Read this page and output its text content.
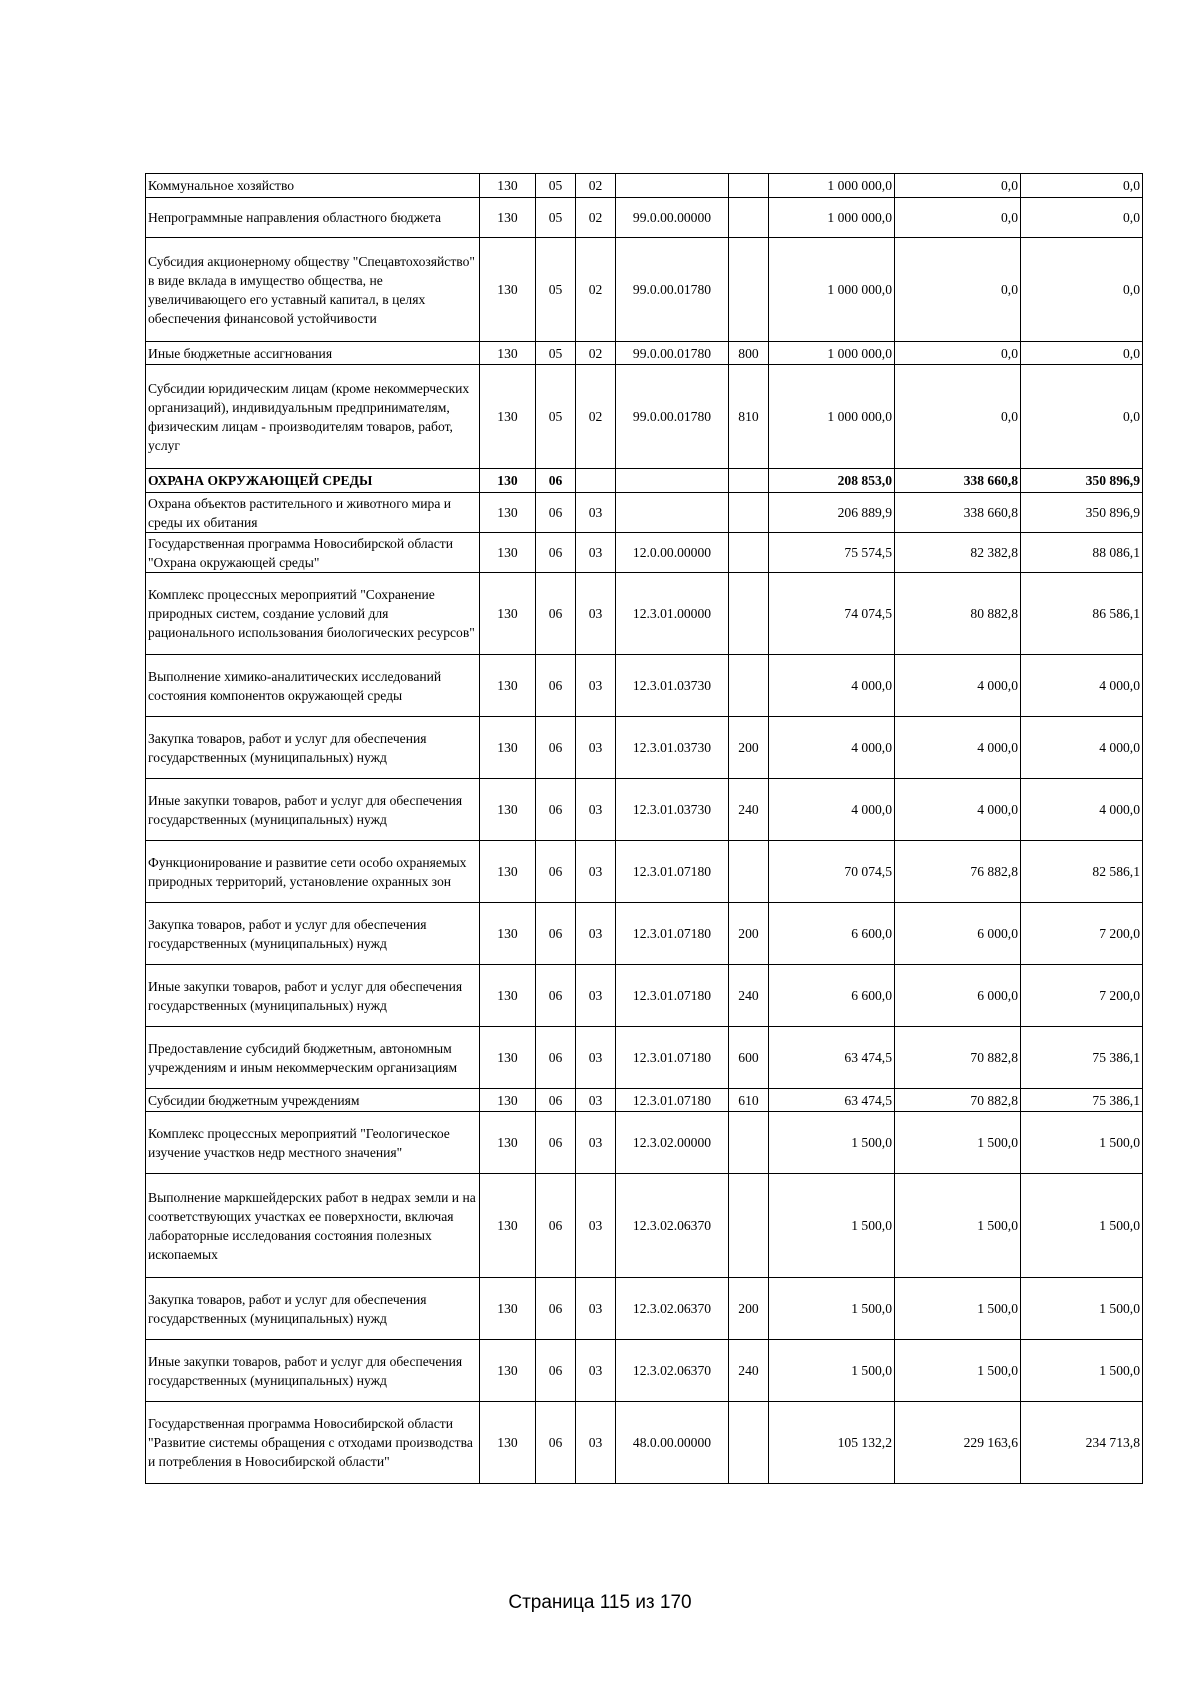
Коммунальное хозяйство	130	05	02			1 000 000,0	0,0	0,0
Непрограммные направления областного бюджета	130	05	02	99.0.00.00000		1 000 000,0	0,0	0,0
Субсидия акционерному обществу "Спецавтохозяйство" в виде вклада в имущество общества, не увеличивающего его уставный капитал, в целях обеспечения финансовой устойчивости	130	05	02	99.0.00.01780		1 000 000,0	0,0	0,0
Иные бюджетные ассигнования	130	05	02	99.0.00.01780	800	1 000 000,0	0,0	0,0
Субсидии юридическим лицам (кроме некоммерческих организаций), индивидуальным предпринимателям, физическим лицам - производителям товаров, работ, услуг	130	05	02	99.0.00.01780	810	1 000 000,0	0,0	0,0
ОХРАНА ОКРУЖАЮЩЕЙ СРЕДЫ	130	06				208 853,0	338 660,8	350 896,9
Охрана объектов растительного и животного мира и среды их обитания	130	06	03			206 889,9	338 660,8	350 896,9
Государственная программа Новосибирской области "Охрана окружающей среды"	130	06	03	12.0.00.00000		75 574,5	82 382,8	88 086,1
Комплекс процессных мероприятий "Сохранение природных систем, создание условий для рационального использования биологических ресурсов"	130	06	03	12.3.01.00000		74 074,5	80 882,8	86 586,1
Выполнение химико-аналитических исследований состояния компонентов окружающей среды	130	06	03	12.3.01.03730		4 000,0	4 000,0	4 000,0
Закупка товаров, работ и услуг для обеспечения государственных (муниципальных) нужд	130	06	03	12.3.01.03730	200	4 000,0	4 000,0	4 000,0
Иные закупки товаров, работ и услуг для обеспечения государственных (муниципальных) нужд	130	06	03	12.3.01.03730	240	4 000,0	4 000,0	4 000,0
Функционирование и развитие сети особо охраняемых природных территорий, установление охранных зон	130	06	03	12.3.01.07180		70 074,5	76 882,8	82 586,1
Закупка товаров, работ и услуг для обеспечения государственных (муниципальных) нужд	130	06	03	12.3.01.07180	200	6 600,0	6 000,0	7 200,0
Иные закупки товаров, работ и услуг для обеспечения государственных (муниципальных) нужд	130	06	03	12.3.01.07180	240	6 600,0	6 000,0	7 200,0
Предоставление субсидий бюджетным, автономным учреждениям и иным некоммерческим организациям	130	06	03	12.3.01.07180	600	63 474,5	70 882,8	75 386,1
Субсидии бюджетным учреждениям	130	06	03	12.3.01.07180	610	63 474,5	70 882,8	75 386,1
Комплекс процессных мероприятий "Геологическое изучение участков недр местного значения"	130	06	03	12.3.02.00000		1 500,0	1 500,0	1 500,0
Выполнение маркшейдерских работ в недрах земли и на соответствующих участках ее поверхности, включая лабораторные исследования состояния полезных ископаемых	130	06	03	12.3.02.06370		1 500,0	1 500,0	1 500,0
Закупка товаров, работ и услуг для обеспечения государственных (муниципальных) нужд	130	06	03	12.3.02.06370	200	1 500,0	1 500,0	1 500,0
Иные закупки товаров, работ и услуг для обеспечения государственных (муниципальных) нужд	130	06	03	12.3.02.06370	240	1 500,0	1 500,0	1 500,0
Государственная программа Новосибирской области "Развитие системы обращения с отходами производства и потребления в Новосибирской области"	130	06	03	48.0.00.00000		105 132,2	229 163,6	234 713,8
Страница 115 из 170
